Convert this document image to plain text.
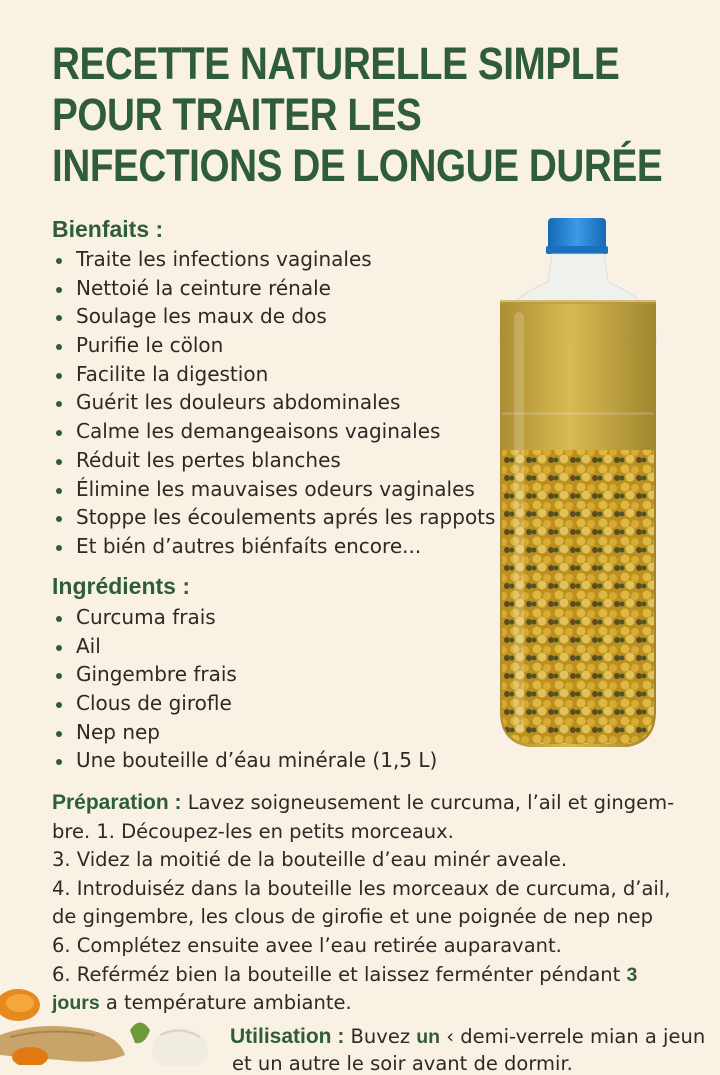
RECETTE NATURELLE SIMPLE
POUR TRAITER LES
INFECTIONS DE LONGUE DURÉE
Bienfaits :
Traite les infections vaginales
Nettoié la ceinture rénale
Soulage les maux de dos
Purifie le cölon
Facilite la digestion
Guérit les douleurs abdominales
Calme les demangeaisons vaginales
Réduit les pertes blanches
Élimine les mauvaises odeurs vaginales
Stoppe les écoulements aprés les rappots
Et bién d’autres biénfaíts encore...
Ingrédients :
Curcuma frais
Ail
Gingembre frais
Clous de girofle
Nep nep
Une bouteille d’éau minérale (1,5 L)
Préparation : Lavez soigneusement le curcuma, l’ail et gingem-
bre. 1. Découpez-les en petits morceaux.
3. Videz la moitié de la bouteille d’eau minér aveale.
4. Introduiséz dans la bouteille les morceaux de curcuma, d’ail,
de gingembre, les clous de girofie et une poignée de nep nep
6. Complétez ensuite avee l’eau retirée auparavant.
6. Reférméz bien la bouteille et laissez ferménter péndant 3
jours a température ambiante.
Utilisation : Buvez un ‹ demi-verrele mian a jeun
et un autre le soir avant de dormir.
